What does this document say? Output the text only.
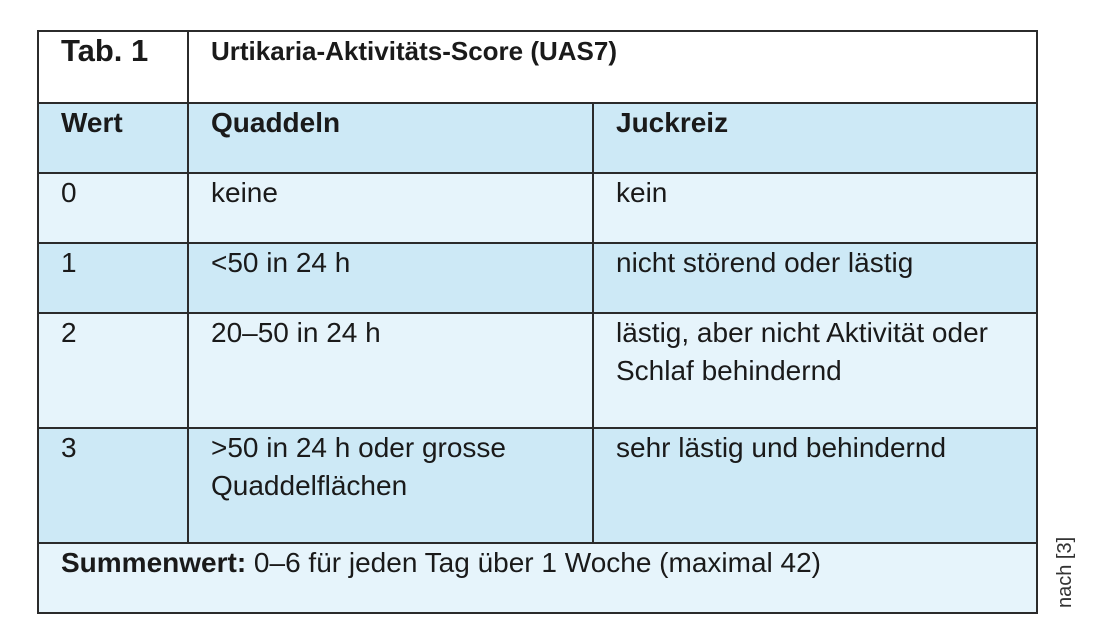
Tab. 1	Urtikaria-Aktivitäts-Score (UAS7)	
Wert	Quaddeln	Juckreiz
0	keine	kein
1	<50 in 24 h	nicht störend oder lästig
2	20–50 in 24 h	lästig, aber nicht Aktivität oder Schlaf behindernd
3	>50 in 24 h oder grosse Quaddelflächen	sehr lästig und behindernd
Summenwert: 0–6 für jeden Tag über 1 Woche (maximal 42)			nach [3]
